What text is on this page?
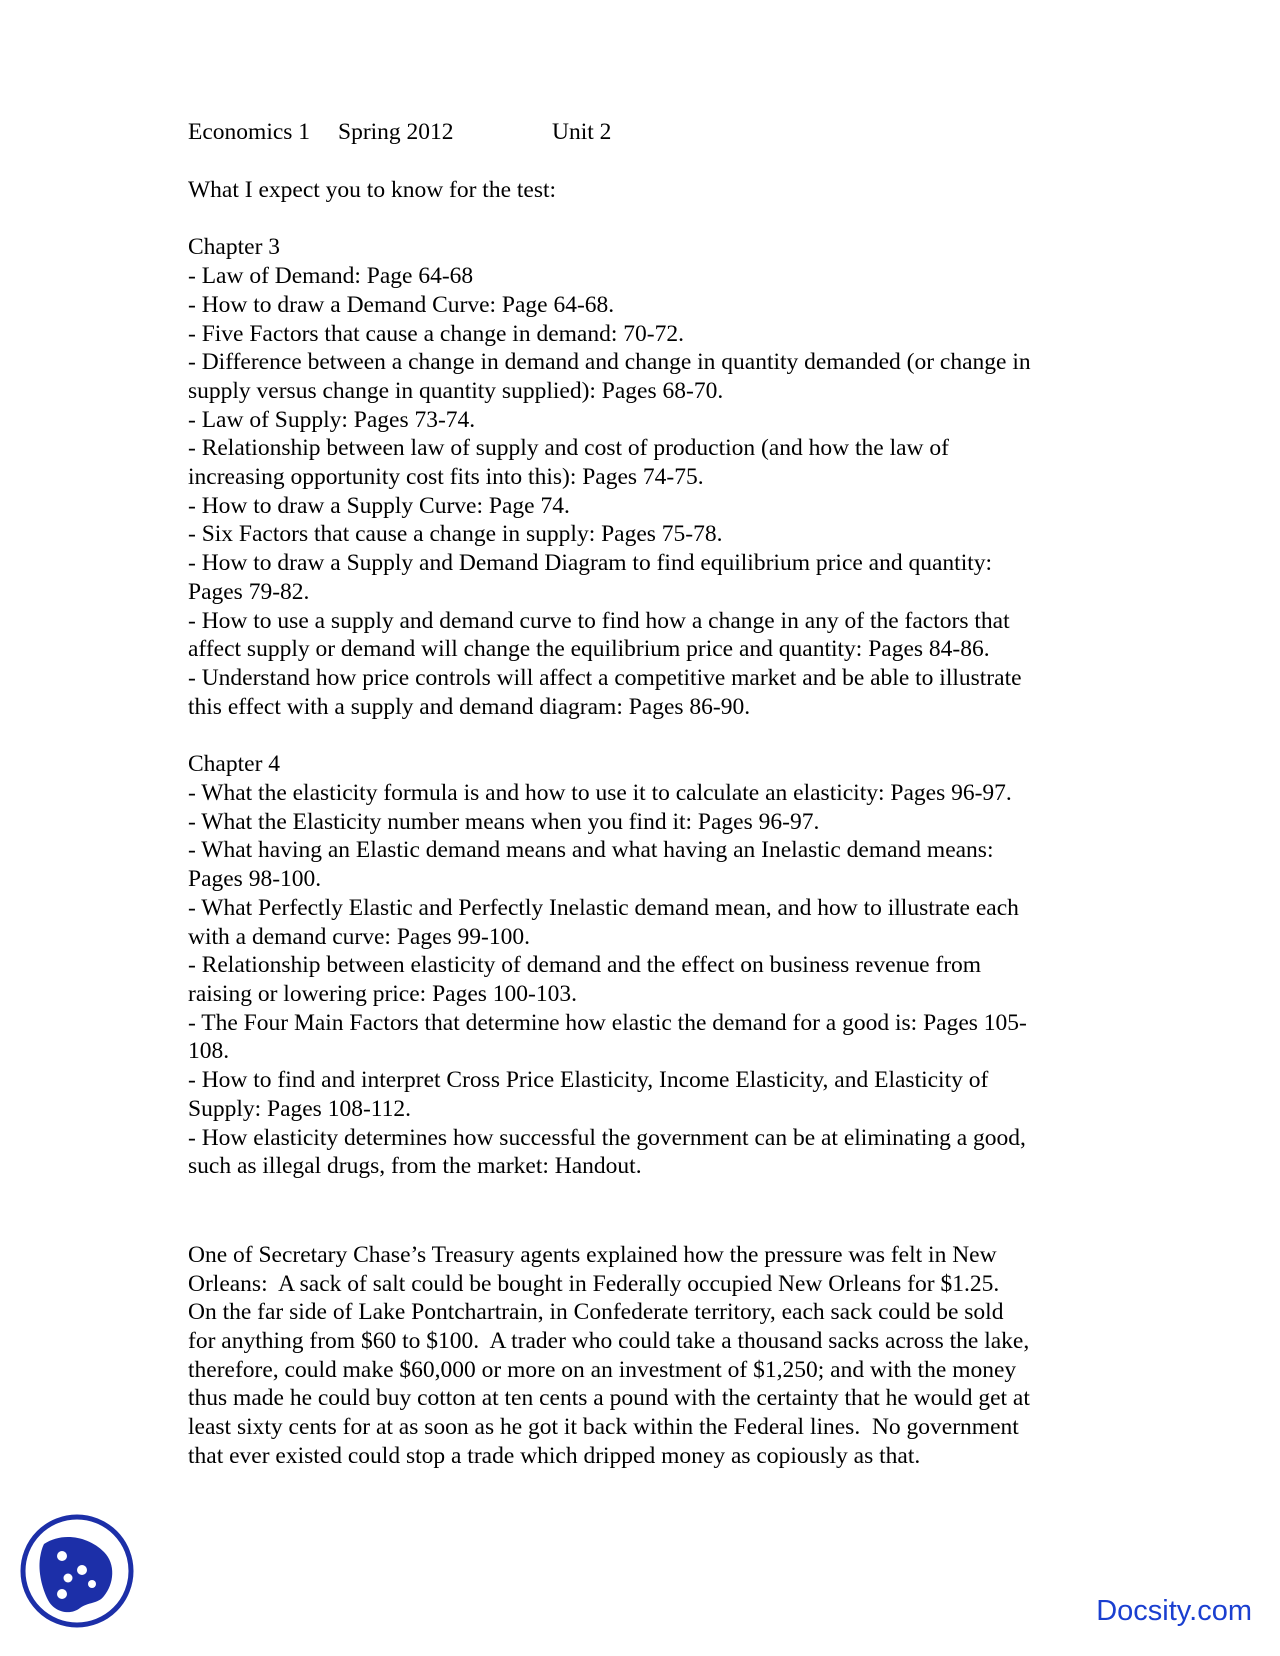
Economics 1 Spring 2012	Unit 2
What I expect you to know for the test:
Chapter 3
- Law of Demand: Page 64-68
- How to draw a Demand Curve: Page 64-68.
- Five Factors that cause a change in demand: 70-72.
- Difference between a change in demand and change in quantity demanded (or change in
supply versus change in quantity supplied): Pages 68-70.
- Law of Supply: Pages 73-74.
- Relationship between law of supply and cost of production (and how the law of
increasing opportunity cost fits into this): Pages 74-75.
- How to draw a Supply Curve: Page 74.
- Six Factors that cause a change in supply: Pages 75-78.
- How to draw a Supply and Demand Diagram to find equilibrium price and quantity:
Pages 79-82.
- How to use a supply and demand curve to find how a change in any of the factors that
affect supply or demand will change the equilibrium price and quantity: Pages 84-86.
- Understand how price controls will affect a competitive market and be able to illustrate
this effect with a supply and demand diagram: Pages 86-90.
Chapter 4
- What the elasticity formula is and how to use it to calculate an elasticity: Pages 96-97.
- What the Elasticity number means when you find it: Pages 96-97.
- What having an Elastic demand means and what having an Inelastic demand means:
Pages 98-100.
- What Perfectly Elastic and Perfectly Inelastic demand mean, and how to illustrate each
with a demand curve: Pages 99-100.
- Relationship between elasticity of demand and the effect on business revenue from
raising or lowering price: Pages 100-103.
- The Four Main Factors that determine how elastic the demand for a good is: Pages 105-
108.
- How to find and interpret Cross Price Elasticity, Income Elasticity, and Elasticity of
Supply: Pages 108-112.
- How elasticity determines how successful the government can be at eliminating a good,
such as illegal drugs, from the market: Handout.
One of Secretary Chase’s Treasury agents explained how the pressure was felt in New
Orleans:  A sack of salt could be bought in Federally occupied New Orleans for $1.25.
On the far side of Lake Pontchartrain, in Confederate territory, each sack could be sold
for anything from $60 to $100.  A trader who could take a thousand sacks across the lake,
therefore, could make $60,000 or more on an investment of $1,250; and with the money
thus made he could buy cotton at ten cents a pound with the certainty that he would get at
least sixty cents for at as soon as he got it back within the Federal lines.  No government
that ever existed could stop a trade which dripped money as copiously as that.
Docsity.com
